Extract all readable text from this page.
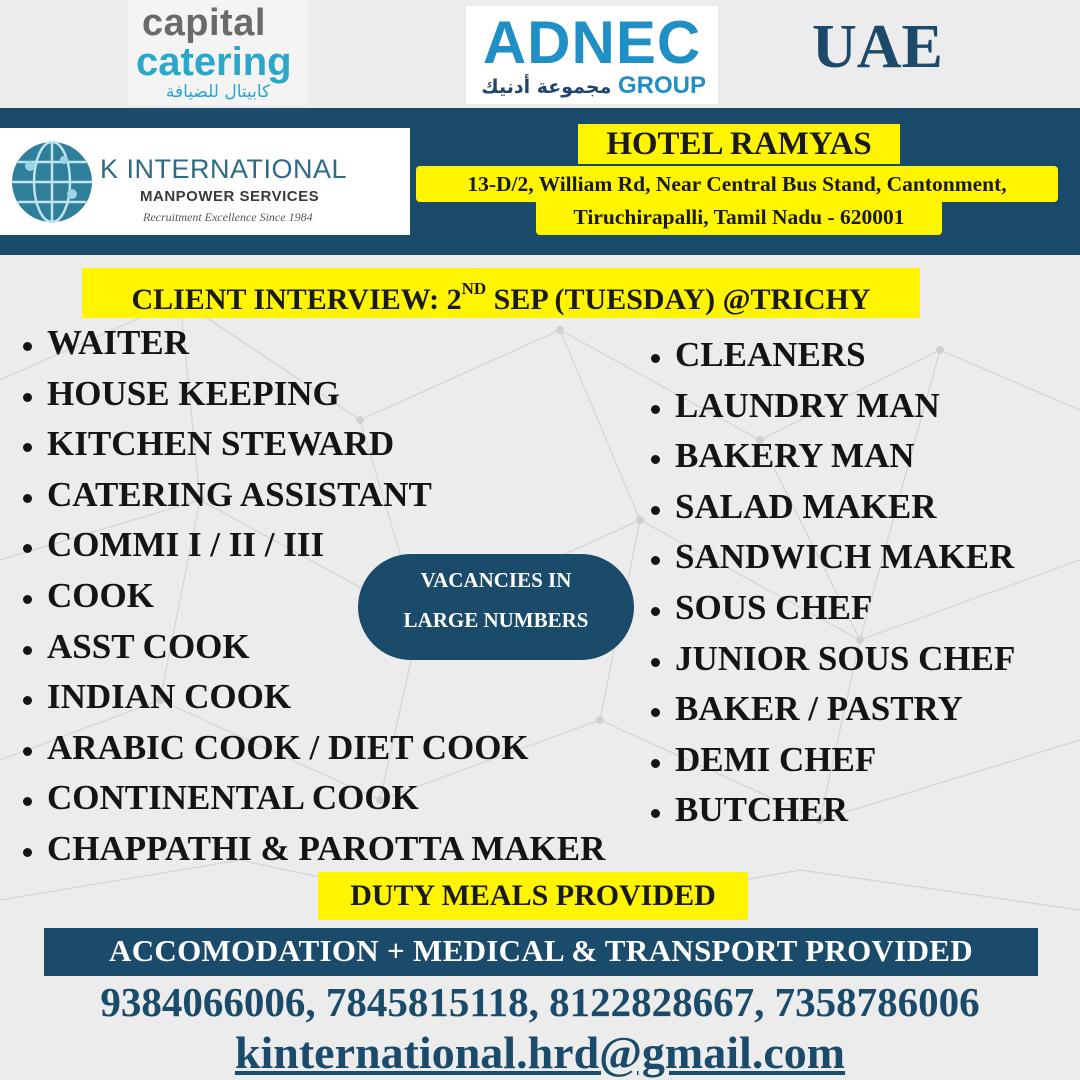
capital
catering
كابيتال للضيافة
ADNEC
مجموعة أدنيك GROUP
UAE
K INTERNATIONAL
MANPOWER SERVICES
Recruitment Excellence Since 1984
HOTEL RAMYAS
13-D/2, William Rd, Near Central Bus Stand, Cantonment,
Tiruchirapalli, Tamil Nadu - 620001
CLIENT INTERVIEW: 2ND SEP (TUESDAY) @TRICHY
WAITER
HOUSE KEEPING
KITCHEN STEWARD
CATERING ASSISTANT
COMMI I / II / III
COOK
ASST COOK
INDIAN COOK
ARABIC COOK / DIET COOK
CONTINENTAL COOK
CHAPPATHI & PAROTTA MAKER
CLEANERS
LAUNDRY MAN
BAKERY MAN
SALAD MAKER
SANDWICH MAKER
SOUS CHEF
JUNIOR SOUS CHEF
BAKER / PASTRY
DEMI CHEF
BUTCHER
VACANCIES IN
LARGE NUMBERS
DUTY MEALS PROVIDED
ACCOMODATION + MEDICAL & TRANSPORT PROVIDED
9384066006, 7845815118, 8122828667, 7358786006
kinternational.hrd@gmail.com
